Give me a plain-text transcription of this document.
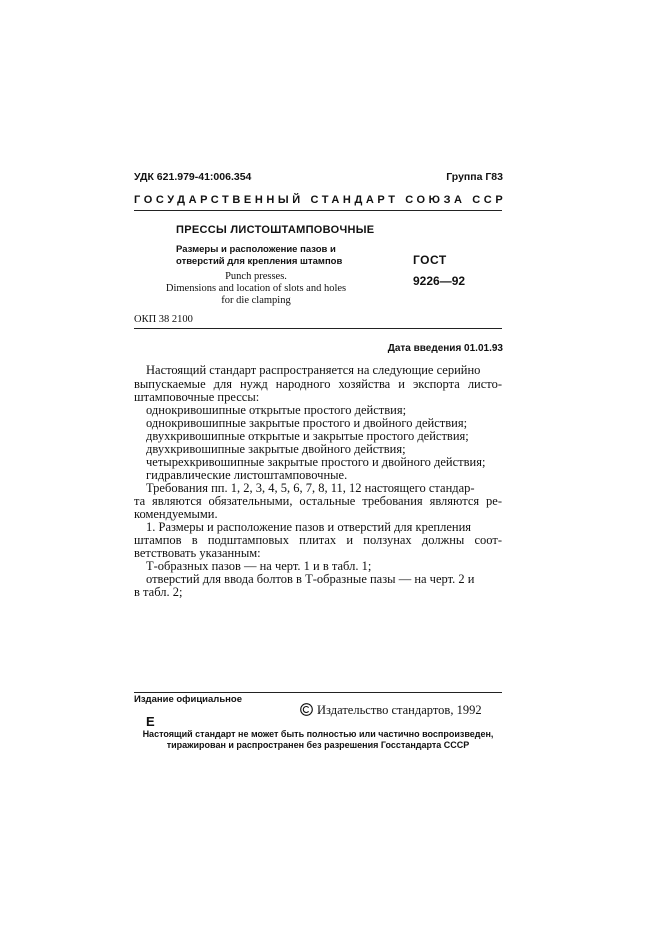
УДК 621.979-41:006.354	Группа Г83
ГОСУДАРСТВЕННЫЙ СТАНДАРТ СОЮЗА ССР
ПРЕССЫ ЛИСТОШТАМПОВОЧНЫЕ
Размеры и расположение пазов и
отверстий для крепления штампов	ГОСТ
9226—92
Punch presses.
Dimensions and location of slots and holes
for die clamping
ОКП 38 2100
Дата введения 01.01.93
Настоящий стандарт распространяется на следующие серийно
выпускаемые для нужд народного хозяйства и экспорта листо-
штамповочные прессы:
однокривошипные открытые простого действия;
однокривошипные закрытые простого и двойного действия;
двухкривошипные открытые и закрытые простого действия;
двухкривошипные закрытые двойного действия;
четырехкривошипные закрытые простого и двойного действия;
гидравлические листоштамповочные.
Требования пп. 1, 2, 3, 4, 5, 6, 7, 8, 11, 12 настоящего стандар-
та являются обязательными, остальные требования являются ре-
комендуемыми.
1. Размеры и расположение пазов и отверстий для крепления
штампов в подштамповых плитах и ползунах должны соот-
ветствовать указанным:
Т-образных пазов — на черт. 1 и в табл. 1;
отверстий для ввода болтов в Т-образные пазы — на черт. 2 и
в табл. 2;
Издание официальное
Издательство стандартов, 1992
Е
Настоящий стандарт не может быть полностью или частично воспроизведен,
тиражирован и распространен без разрешения Госстандарта СССР
